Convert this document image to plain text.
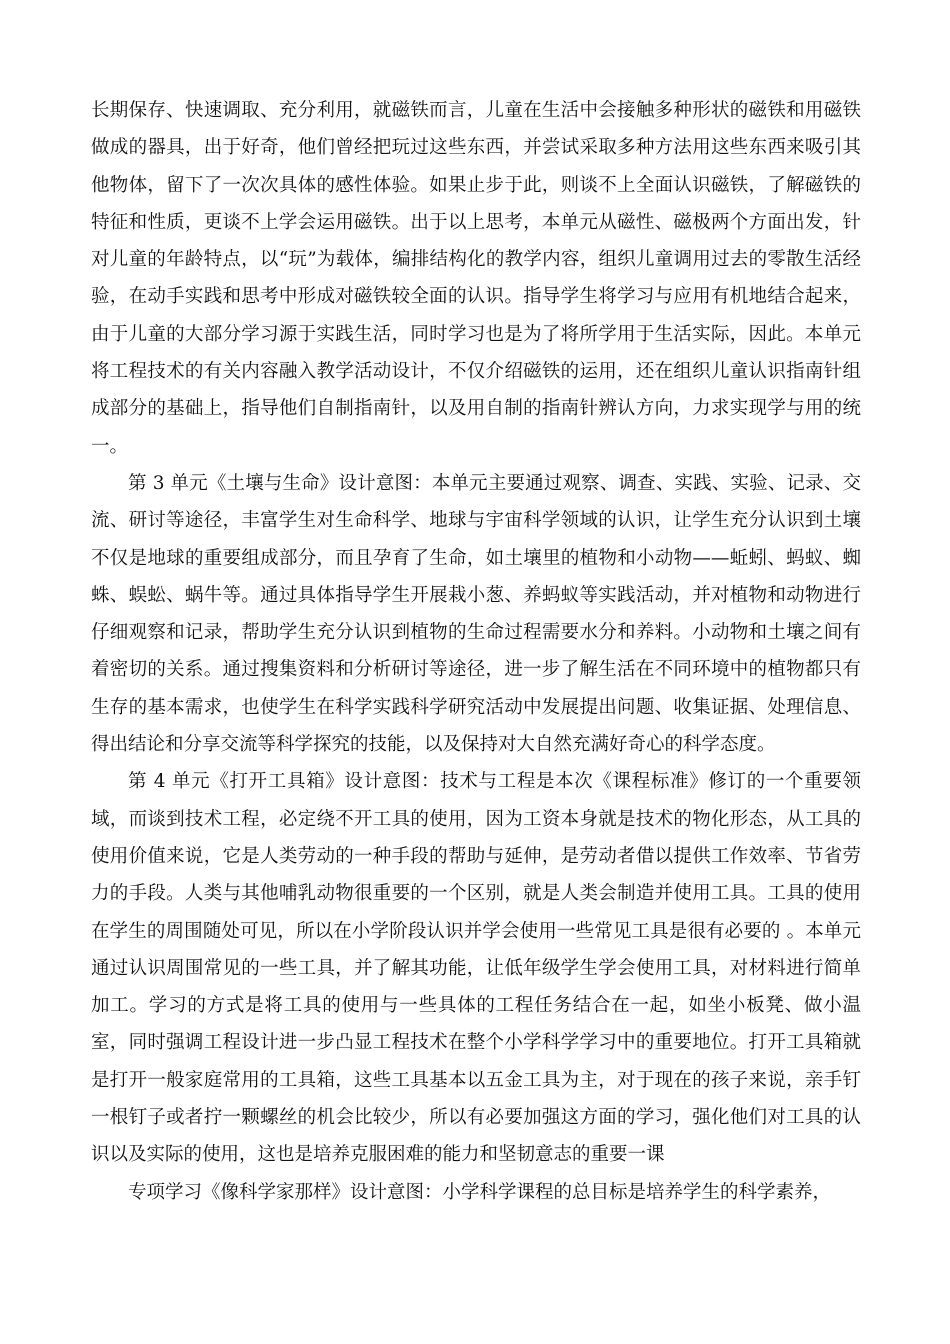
长期保存、快速调取、充分利用，就磁铁而言，儿童在生活中会接触多种形状的磁铁和用磁铁做成的器具，出于好奇，他们曾经把玩过这些东西，并尝试采取多种方法用这些东西来吸引其他物体，留下了一次次具体的感性体验。如果止步于此，则谈不上全面认识磁铁，了解磁铁的特征和性质，更谈不上学会运用磁铁。出于以上思考，本单元从磁性、磁极两个方面出发，针对儿童的年龄特点，以“玩”为载体，编排结构化的教学内容，组织儿童调用过去的零散生活经验，在动手实践和思考中形成对磁铁较全面的认识。指导学生将学习与应用有机地结合起来，由于儿童的大部分学习源于实践生活，同时学习也是为了将所学用于生活实际，因此。本单元将工程技术的有关内容融入教学活动设计，不仅介绍磁铁的运用，还在组织儿童认识指南针组成部分的基础上，指导他们自制指南针，以及用自制的指南针辨认方向，力求实现学与用的统一。

第 3 单元《土壤与生命》设计意图：本单元主要通过观察、调查、实践、实验、记录、交流、研讨等途径，丰富学生对生命科学、地球与宇宙科学领域的认识，让学生充分认识到土壤不仅是地球的重要组成部分，而且孕育了生命，如土壤里的植物和小动物——蚯蚓、蚂蚁、蜘蛛、蜈蚣、蜗牛等。通过具体指导学生开展栽小葱、养蚂蚁等实践活动，并对植物和动物进行仔细观察和记录，帮助学生充分认识到植物的生命过程需要水分和养料。小动物和土壤之间有着密切的关系。通过搜集资料和分析研讨等途径，进一步了解生活在不同环境中的植物都只有生存的基本需求，也使学生在科学实践科学研究活动中发展提出问题、收集证据、处理信息、得出结论和分享交流等科学探究的技能，以及保持对大自然充满好奇心的科学态度。

第 4 单元《打开工具箱》设计意图：技术与工程是本次《课程标准》修订的一个重要领域，而谈到技术工程，必定绕不开工具的使用，因为工资本身就是技术的物化形态，从工具的使用价值来说，它是人类劳动的一种手段的帮助与延伸，是劳动者借以提供工作效率、节省劳力的手段。人类与其他哺乳动物很重要的一个区别，就是人类会制造并使用工具。工具的使用在学生的周围随处可见，所以在小学阶段认识并学会使用一些常见工具是很有必要的 。本单元通过认识周围常见的一些工具，并了解其功能，让低年级学生学会使用工具，对材料进行简单加工。学习的方式是将工具的使用与一些具体的工程任务结合在一起，如坐小板凳、做小温室，同时强调工程设计进一步凸显工程技术在整个小学科学学习中的重要地位。打开工具箱就是打开一般家庭常用的工具箱，这些工具基本以五金工具为主，对于现在的孩子来说，亲手钉一根钉子或者拧一颗螺丝的机会比较少，所以有必要加强这方面的学习，强化他们对工具的认识以及实际的使用，这也是培养克服困难的能力和坚韧意志的重要一课

专项学习《像科学家那样》设计意图：小学科学课程的总目标是培养学生的科学素养，
